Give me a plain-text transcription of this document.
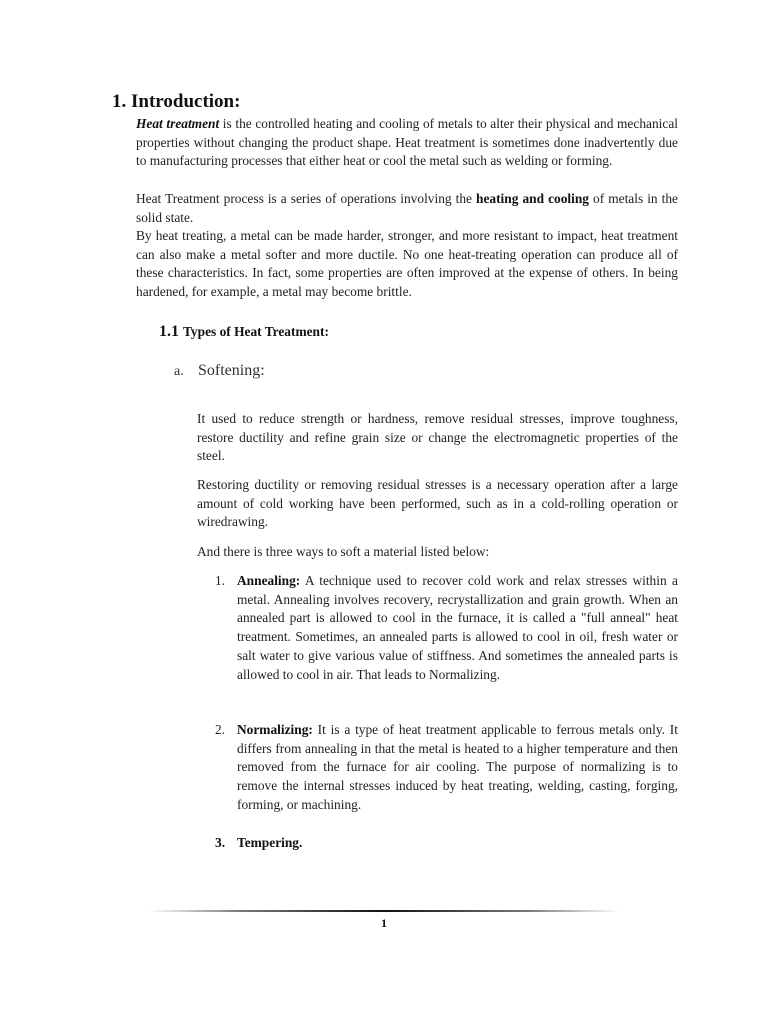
1. Introduction:

Heat treatment is the controlled heating and cooling of metals to alter their physical and mechanical properties without changing the product shape. Heat treatment is sometimes done inadvertently due to manufacturing processes that either heat or cool the metal such as welding or forming.

Heat Treatment process is a series of operations involving the heating and cooling of metals in the solid state.

By heat treating, a metal can be made harder, stronger, and more resistant to impact, heat treatment can also make a metal softer and more ductile. No one heat-treating operation can produce all of these characteristics. In fact, some properties are often improved at the expense of others. In being hardened, for example, a metal may become brittle.

1.1 Types of Heat Treatment:
a. Softening:

It used to reduce strength or hardness, remove residual stresses, improve toughness, restore ductility and refine grain size or change the electromagnetic properties of the steel.

Restoring ductility or removing residual stresses is a necessary operation after a large amount of cold working have been performed, such as in a cold-rolling operation or wiredrawing.

And there is three ways to soft a material listed below:

1. Annealing: A technique used to recover cold work and relax stresses within a metal. Annealing involves recovery, recrystallization and grain growth. When an annealed part is allowed to cool in the furnace, it is called a "full anneal" heat treatment. Sometimes, an annealed parts is allowed to cool in oil, fresh water or salt water to give various value of stiffness. And sometimes the annealed parts is allowed to cool in air. That leads to Normalizing.
2. Normalizing: It is a type of heat treatment applicable to ferrous metals only. It differs from annealing in that the metal is heated to a higher temperature and then removed from the furnace for air cooling. The purpose of normalizing is to remove the internal stresses induced by heat treating, welding, casting, forging, forming, or machining.
3. Tempering.
1
